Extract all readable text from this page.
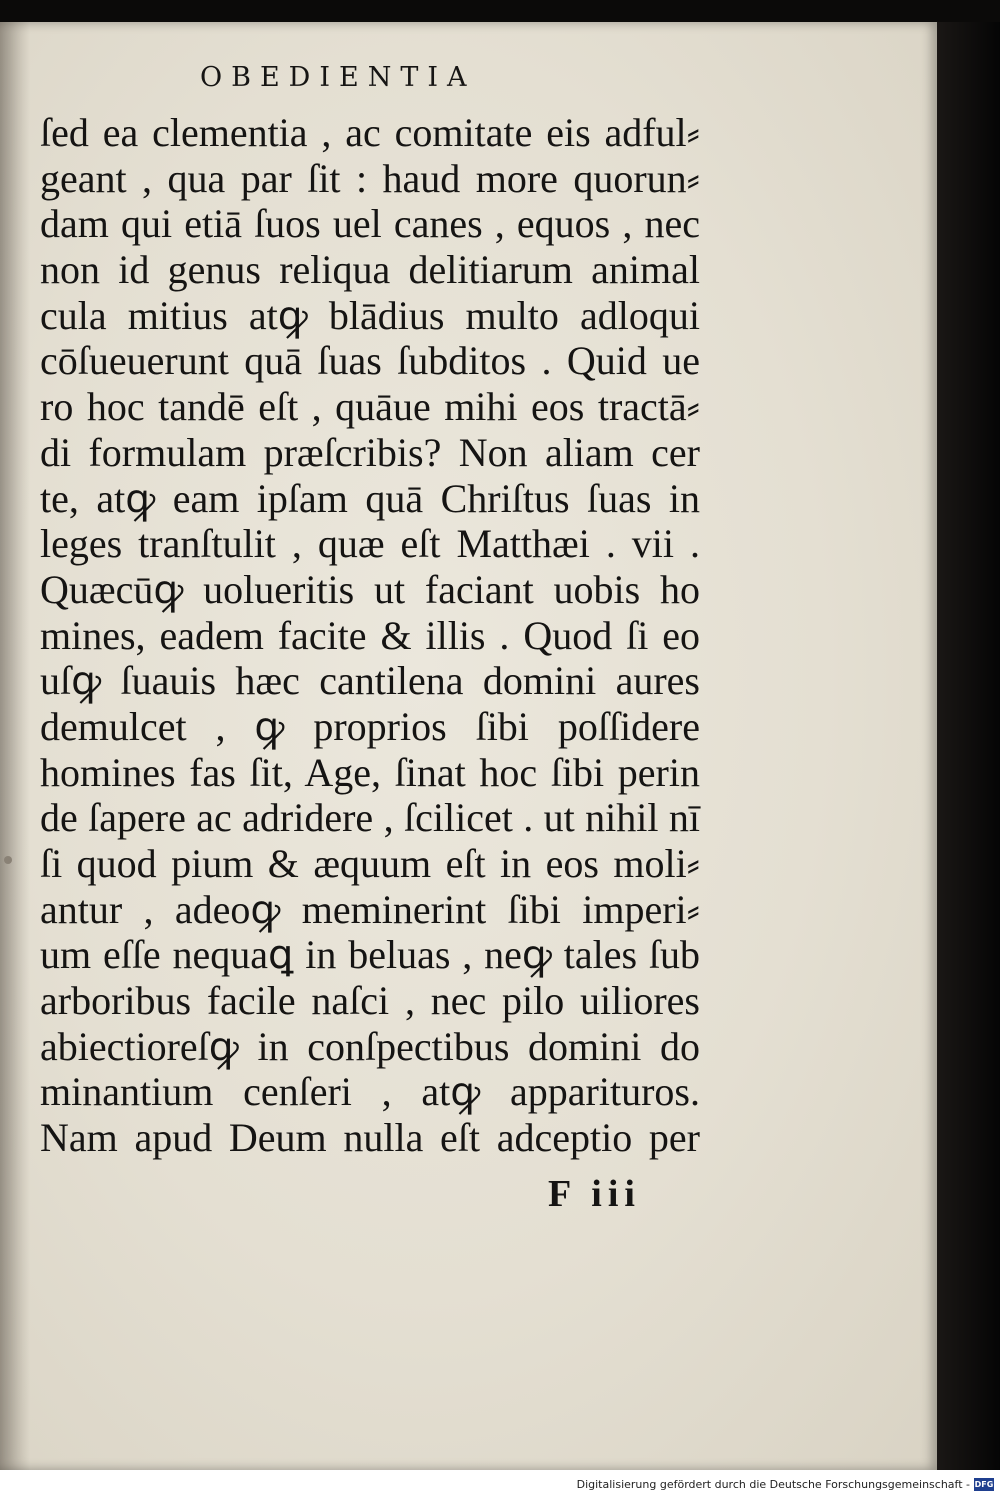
OBEDIENTIA
ſed ea clementia , ac comitate eis adful⸗
geant , qua par ſit : haud more quorun⸗
dam qui etiā ſuos uel canes , equos , nec
non id genus reliqua delitiarum animal
cula mitius atꝙ blādius multo adloqui
cōſueuerunt quā ſuas ſubditos . Quid ue
ro hoc tandē eſt , quāue mihi eos tractā⸗
di formulam præſcribis? Non aliam cer
te, atꝙ eam ipſam quā Chriſtus ſuas in
leges tranſtulit , quæ eſt Matthæi . vii .
Quæcūꝙ uolueritis ut faciant uobis ho
mines, eadem facite & illis . Quod ſi eo
uſꝙ ſuauis hæc cantilena domini aures
demulcet , ꝙ proprios ſibi poſſidere
homines fas ſit, Age, ſinat hoc ſibi perin
de ſapere ac adridere , ſcilicet . ut nihil nī
ſi quod pium & æquum eſt in eos moli⸗
antur , adeoꝙ meminerint ſibi imperi⸗
um eſſe nequaꝗ in beluas , neꝙ tales ſub
arboribus facile naſci , nec pilo uiliores
abiectioreſꝙ in conſpectibus domini do
minantium cenſeri , atꝙ apparituros.
Nam apud Deum nulla eſt adceptio per
F iii
Digitalisierung gefördert durch die Deutsche Forschungsgemeinschaft - DFG
